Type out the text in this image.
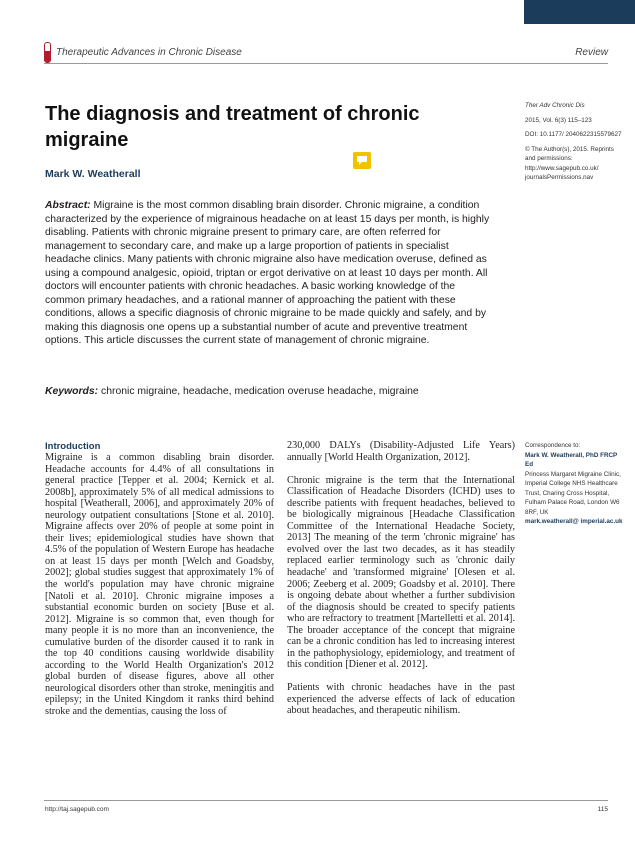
Therapeutic Advances in Chronic Disease	Review
The diagnosis and treatment of chronic migraine
Mark W. Weatherall

Ther Adv Chronic Dis

2015, Vol. 6(3) 115–123

DOI: 10.1177/ 2040622315579627

© The Author(s), 2015. Reprints and permissions: http://www.sagepub.co.uk/ journalsPermissions.nav

Abstract: Migraine is the most common disabling brain disorder. Chronic migraine, a condition characterized by the experience of migrainous headache on at least 15 days per month, is highly disabling. Patients with chronic migraine present to primary care, are often referred for management to secondary care, and make up a large proportion of patients in specialist headache clinics. Many patients with chronic migraine also have medication overuse, defined as using a compound analgesic, opioid, triptan or ergot derivative on at least 10 days per month. All doctors will encounter patients with chronic headaches. A basic working knowledge of the common primary headaches, and a rational manner of approaching the patient with these conditions, allows a specific diagnosis of chronic migraine to be made quickly and safely, and by making this diagnosis one opens up a substantial number of acute and preventive treatment options. This article discusses the current state of management of chronic migraine.

Keywords: chronic migraine, headache, medication overuse headache, migraine

Introduction

Migraine is a common disabling brain disorder. Headache accounts for 4.4% of all consultations in general practice [Tepper et al. 2004; Kernick et al. 2008b], approximately 5% of all medical admissions to hospital [Weatherall, 2006], and approximately 20% of neurology outpatient consultations [Stone et al. 2010]. Migraine affects over 20% of people at some point in their lives; epidemiological studies have shown that 4.5% of the population of Western Europe has headache on at least 15 days per month [Welch and Goadsby, 2002]; global studies suggest that approximately 1% of the world's population may have chronic migraine [Natoli et al. 2010]. Chronic migraine imposes a substantial economic burden on society [Buse et al. 2012]. Migraine is so common that, even though for many people it is no more than an inconvenience, the cumulative burden of the disorder caused it to rank in the top 40 conditions causing worldwide disability according to the World Health Organization's 2012 global burden of disease figures, above all other neurological disorders other than stroke, meningitis and epilepsy; in the United Kingdom it ranks third behind stroke and the dementias, causing the loss of

230,000 DALYs (Disability-Adjusted Life Years) annually [World Health Organization, 2012].

Chronic migraine is the term that the International Classification of Headache Disorders (ICHD) uses to describe patients with frequent headaches, believed to be biologically migrainous [Headache Classification Committee of the International Headache Society, 2013] The meaning of the term 'chronic migraine' has evolved over the last two decades, as it has steadily replaced earlier terminology such as 'chronic daily headache' and 'transformed migraine' [Olesen et al. 2006; Zeeberg et al. 2009; Goadsby et al. 2010]. There is ongoing debate about whether a further subdivision of the diagnosis should be created to specify patients who are refractory to treatment [Martelletti et al. 2014]. The broader acceptance of the concept that migraine can be a chronic condition has led to increasing interest in the pathophysiology, epidemiology, and treatment of this condition [Diener et al. 2012].

Patients with chronic headaches have in the past experienced the adverse effects of lack of education about headaches, and therapeutic nihilism.

Correspondence to:

Mark W. Weatherall, PhD FRCP Ed

Princess Margaret Migraine Clinic, Imperial College NHS Healthcare Trust, Charing Cross Hospital, Fulham Palace Road, London W6 8RF, UK

mark.weatherall@ imperial.ac.uk

http://taj.sagepub.com	115
